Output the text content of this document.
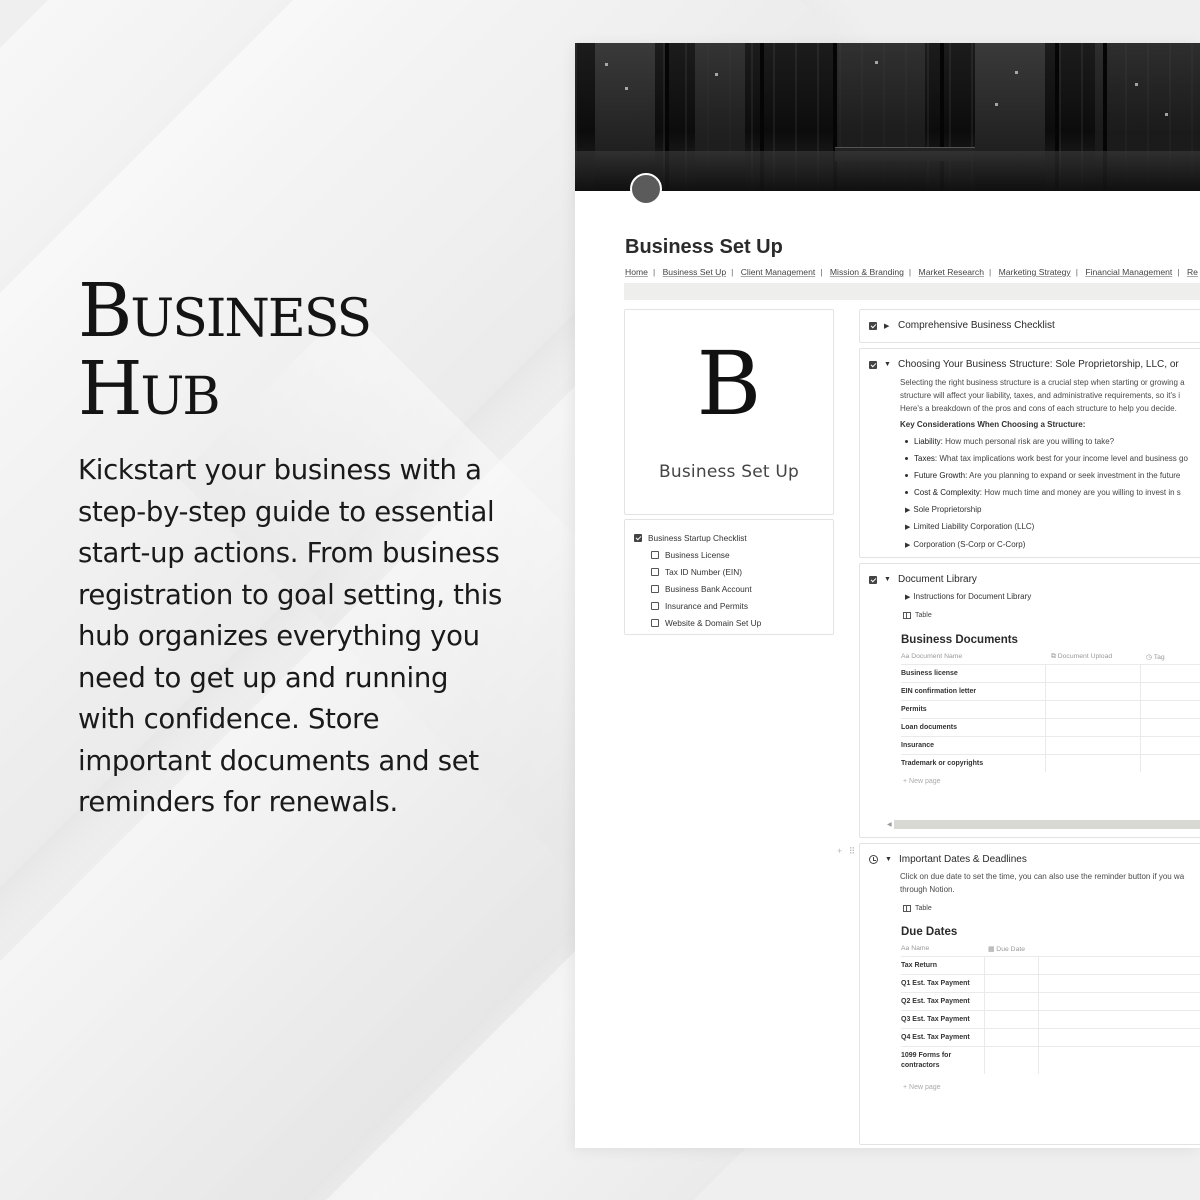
Business
Hub

Kickstart your business with a step-by-step guide to essential start-up actions. From business registration to goal setting, this hub organizes everything you need to get up and running with confidence. Store important documents and set reminders for renewals.

Business Set Up
Home | Business Set Up | Client Management | Mission & Branding | Market Research | Marketing Strategy | Financial Management | Re
B
Business Set Up
Business Startup Checklist
Business License
Tax ID Number (EIN)
Business Bank Account
Insurance and Permits
Website & Domain Set Up
▶ Comprehensive Business Checklist
▼ Choosing Your Business Structure: Sole Proprietorship, LLC, or
Selecting the right business structure is a crucial step when starting or growing a
structure will affect your liability, taxes, and administrative requirements, so it's i
Here's a breakdown of the pros and cons of each structure to help you decide.
Key Considerations When Choosing a Structure:
Liability: How much personal risk are you willing to take?
Taxes: What tax implications work best for your income level and business go
Future Growth: Are you planning to expand or seek investment in the future
Cost & Complexity: How much time and money are you willing to invest in s
▶ Sole Proprietorship
▶ Limited Liability Corporation (LLC)
▶ Corporation (S-Corp or C-Corp)
▼ Document Library
▶ Instructions for Document Library
Table
Business Documents
Aa Document Name	⧉ Document Upload	◷ Tag
Business license
EIN confirmation letter
Permits
Loan documents
Insurance
Trademark or copyrights
+ New page
◀
+ ⠿
▼ Important Dates & Deadlines
Click on due date to set the time, you can also use the reminder button if you wa
through Notion.
Table
Due Dates
Aa Name	▦ Due Date
Tax Return
Q1 Est. Tax Payment
Q2 Est. Tax Payment
Q3 Est. Tax Payment
Q4 Est. Tax Payment
1099 Forms for
contractors
+ New page
